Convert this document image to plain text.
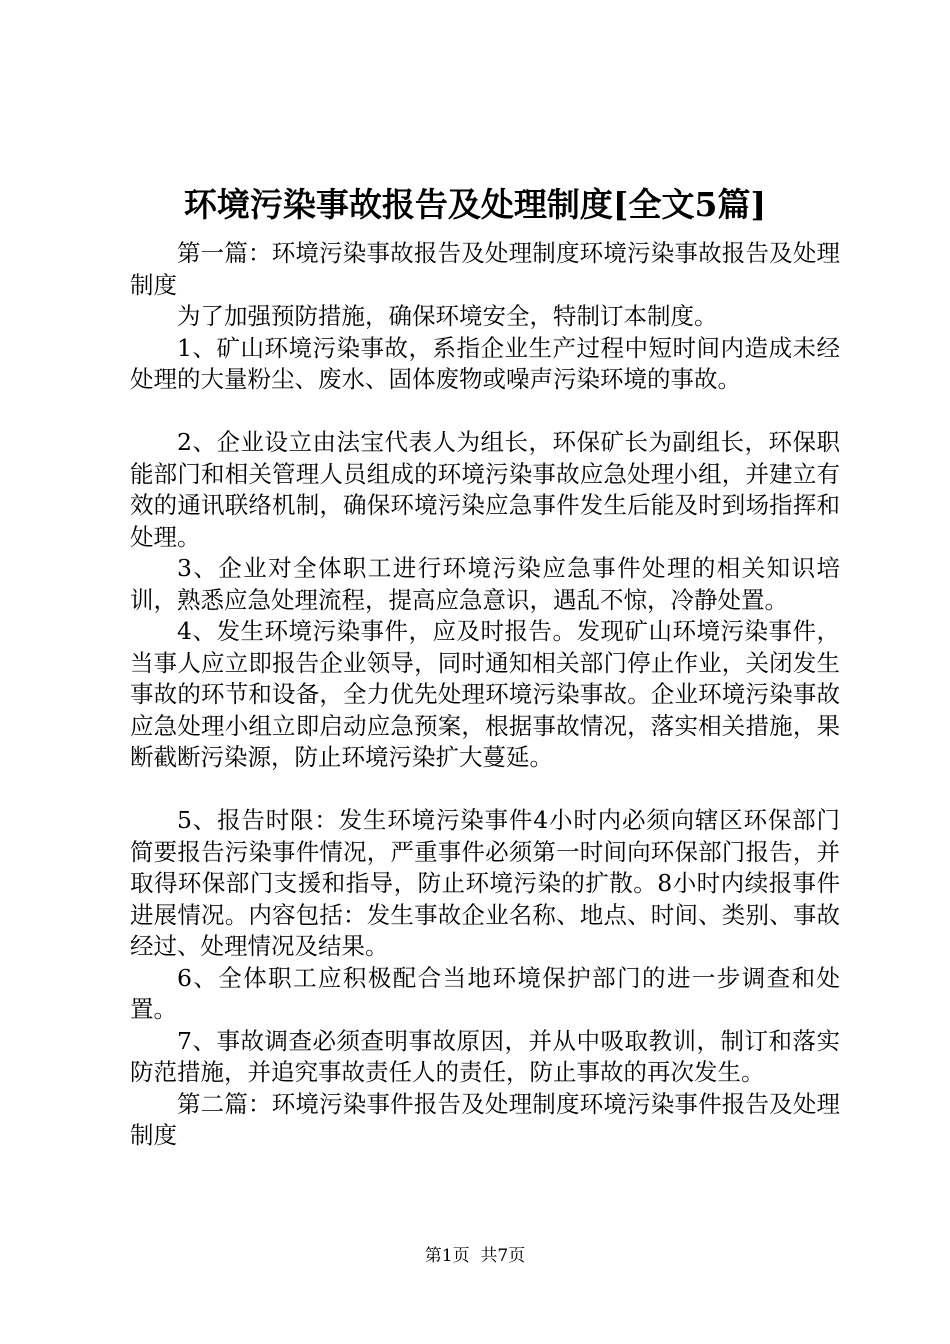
环境污染事故报告及处理制度[全文5篇]

第一篇：环境污染事故报告及处理制度环境污染事故报告及处理制度

为了加强预防措施，确保环境安全，特制订本制度。

1、矿山环境污染事故，系指企业生产过程中短时间内造成未经处理的大量粉尘、废水、固体废物或噪声污染环境的事故。

2、企业设立由法宝代表人为组长，环保矿长为副组长，环保职能部门和相关管理人员组成的环境污染事故应急处理小组，并建立有效的通讯联络机制，确保环境污染应急事件发生后能及时到场指挥和处理。

3、企业对全体职工进行环境污染应急事件处理的相关知识培训，熟悉应急处理流程，提高应急意识，遇乱不惊，冷静处置。

4、发生环境污染事件，应及时报告。发现矿山环境污染事件，当事人应立即报告企业领导，同时通知相关部门停止作业，关闭发生事故的环节和设备，全力优先处理环境污染事故。企业环境污染事故应急处理小组立即启动应急预案，根据事故情况，落实相关措施，果断截断污染源，防止环境污染扩大蔓延。

5、报告时限：发生环境污染事件4小时内必须向辖区环保部门简要报告污染事件情况，严重事件必须第一时间向环保部门报告，并取得环保部门支援和指导，防止环境污染的扩散。8小时内续报事件进展情况。内容包括：发生事故企业名称、地点、时间、类别、事故经过、处理情况及结果。

6、全体职工应积极配合当地环境保护部门的进一步调查和处置。

7、事故调查必须查明事故原因，并从中吸取教训，制订和落实防范措施，并追究事故责任人的责任，防止事故的再次发生。

第二篇：环境污染事件报告及处理制度环境污染事件报告及处理制度

第1页  共7页
